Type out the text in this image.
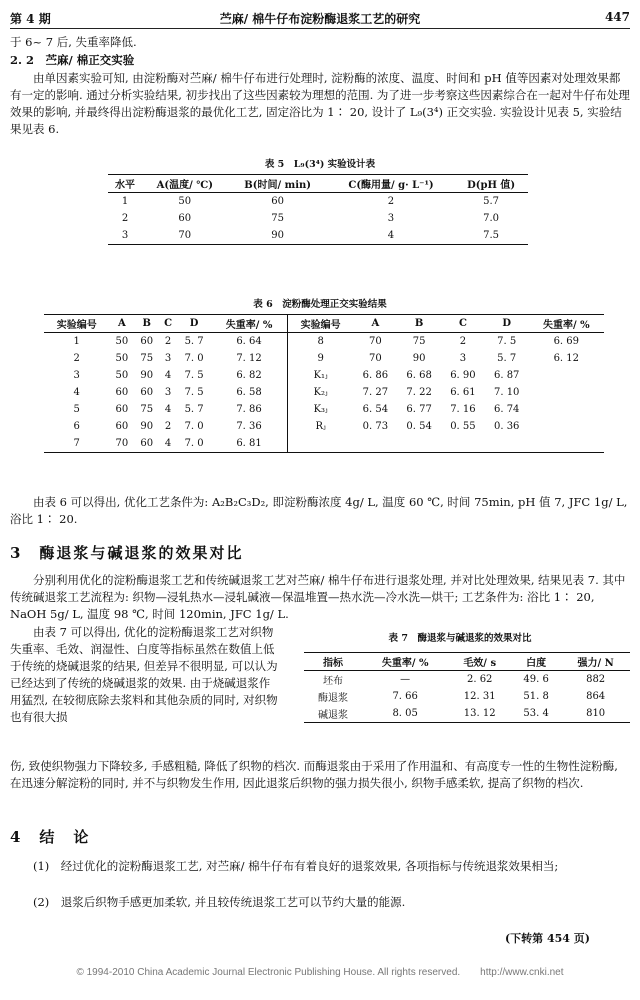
第 4 期	苎麻/ 棉牛仔布淀粉酶退浆工艺的研究	447

于 6~ 7 后, 失重率降低.

2. 2　苎麻/ 棉正交实验

由单因素实验可知, 由淀粉酶对苎麻/ 棉牛仔布进行处理时, 淀粉酶的浓度、温度、时间和 pH 值等因素对处理效果都有一定的影响. 通过分析实验结果, 初步找出了这些因素较为理想的范围. 为了进一步考察这些因素综合在一起对牛仔布处理效果的影响, 并最终得出淀粉酶退浆的最优化工艺, 固定浴比为 1∶ 20, 设计了 L₉(3⁴) 正交实验. 实验设计见表 5, 实验结果见表 6.

表 5　L₉(3⁴) 实验设计表
水平	A(温度/ ℃)	B(时间/ min)	C(酶用量/ g· L⁻¹)	D(pH 值)
1	50	60	2	5.7
2	60	75	3	7.0
3	70	90	4	7.5
表 6　淀粉酶处理正交实验结果
实验编号	A	B	C	D	失重率/ %	实验编号	A	B	C	D	失重率/ %
1	50	60	2	5. 7	6. 64	8	70	75	2	7. 5	6. 69
2	50	75	3	7. 0	7. 12	9	70	90	3	5. 7	6. 12
3	50	90	4	7. 5	6. 82	K₁ⱼ	6. 86	6. 68	6. 90	6. 87	
4	60	60	3	7. 5	6. 58	K₂ⱼ	7. 27	7. 22	6. 61	7. 10	
5	60	75	4	5. 7	7. 86	K₃ⱼ	6. 54	6. 77	7. 16	6. 74	
6	60	90	2	7. 0	7. 36	Rⱼ	0. 73	0. 54	0. 55	0. 36	
7	70	60	4	7. 0	6. 81						

由表 6 可以得出, 优化工艺条件为: A₂B₂C₃D₂, 即淀粉酶浓度 4g/ L, 温度 60 ℃, 时间 75min, pH 值 7, JFC 1g/ L, 浴比 1∶ 20.

3　酶退浆与碱退浆的效果对比

分别利用优化的淀粉酶退浆工艺和传统碱退浆工艺对苎麻/ 棉牛仔布进行退浆处理, 并对比处理效果, 结果见表 7. 其中传统碱退浆工艺流程为: 织物—浸轧热水—浸轧碱液—保温堆置—热水洗—冷水洗—烘干; 工艺条件为: 浴比 1∶ 20, NaOH 5g/ L, 温度 98 ℃, 时间 120min, JFC 1g/ L.

由表 7 可以得出, 优化的淀粉酶退浆工艺对织物失重率、毛效、润湿性、白度等指标虽然在数值上低于传统的烧碱退浆的结果, 但差异不很明显, 可以认为已经达到了传统的烧碱退浆的效果. 由于烧碱退浆作用猛烈, 在较彻底除去浆料和其他杂质的同时, 对织物也有很大损

表 7　酶退浆与碱退浆的效果对比
指标	失重率/ %	毛效/ s	白度	强力/ N
坯布	—	2. 62	49. 6	882
酶退浆	7. 66	12. 31	51. 8	864
碱退浆	8. 05	13. 12	53. 4	810

伤, 致使织物强力下降较多, 手感粗糙, 降低了织物的档次. 而酶退浆由于采用了作用温和、有高度专一性的生物性淀粉酶, 在迅速分解淀粉的同时, 并不与织物发生作用, 因此退浆后织物的强力损失很小, 织物手感柔软, 提高了织物的档次.

4　结　论

(1)　经过优化的淀粉酶退浆工艺, 对苎麻/ 棉牛仔布有着良好的退浆效果, 各项指标与传统退浆效果相当;

(2)　退浆后织物手感更加柔软, 并且较传统退浆工艺可以节约大量的能源.

(下转第 454 页)
© 1994-2010 China Academic Journal Electronic Publishing House. All rights reserved.　　http://www.cnki.net
